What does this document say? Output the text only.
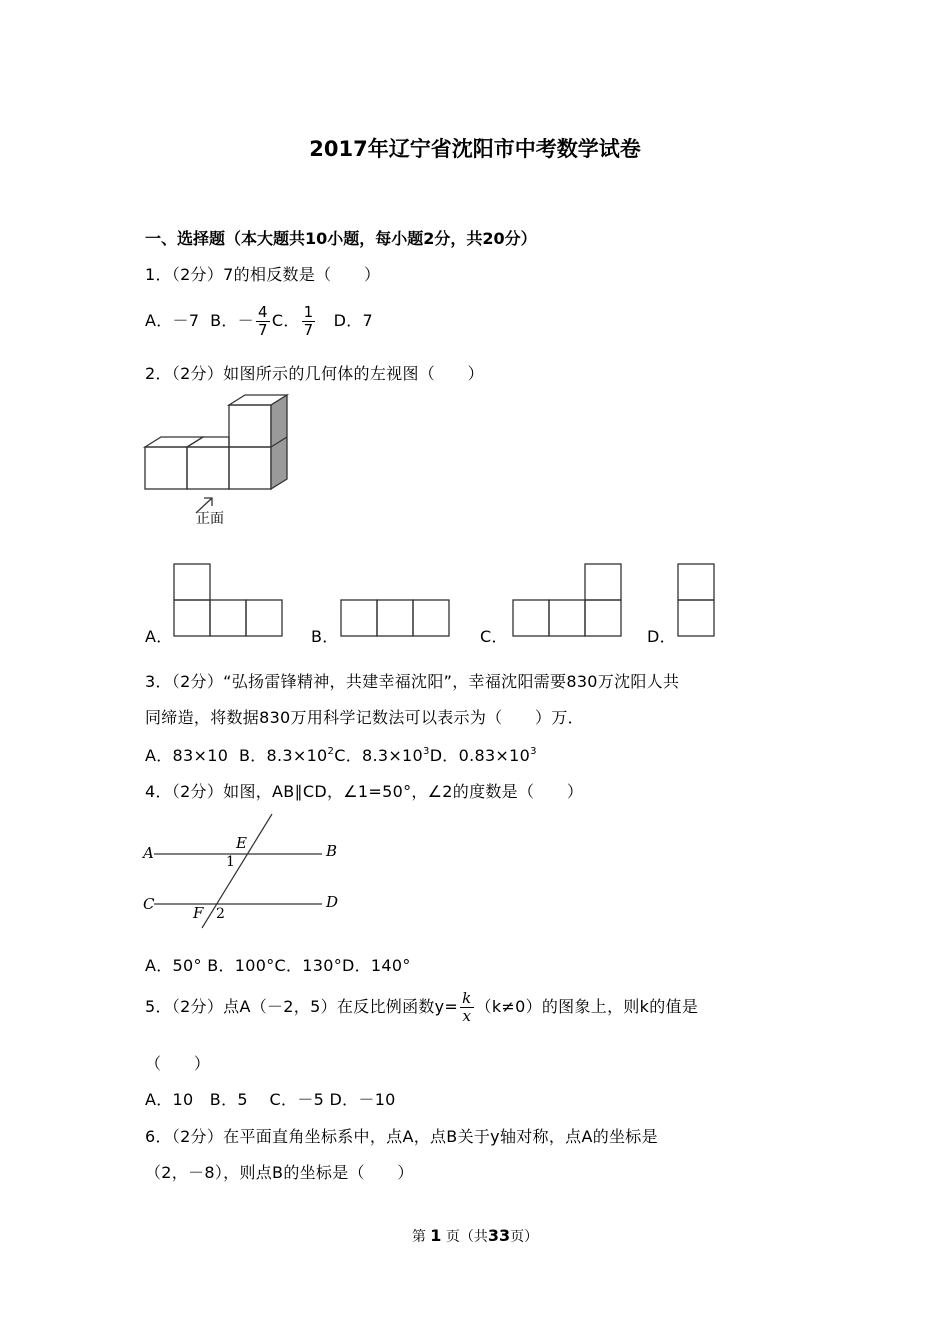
2017年辽宁省沈阳市中考数学试卷
一、选择题（本大题共10小题，每小题2分，共20分）
1．（2分）7的相反数是（　　）
A．－7 B．－ $\frac{4}{7}$ C． $\frac{1}{7}$ D．7
2．（2分）如图所示的几何体的左视图（　　）
正面
A．	B．	C．	D．
3．（2分）“弘扬雷锋精神，共建幸福沈阳”，幸福沈阳需要830万沈阳人共
同缔造，将数据830万用科学记数法可以表示为（　　）万．
A．83×10 B．$8.3\times 10^2C$．$8.3\times 10^3D$．$0.83\times 10^3$
4．（2分）如图，AB∥CD，∠1=50°，∠2的度数是（　　）
A	B
C	D
E
F
1
2
A．50° B．100°C．130°D．140°
5．（2分）点A（－2，5）在反比例函数$y= \frac{k}{x} (k\ne 0)$的图象上，则k的值是
（　　）
A．10　B．5　 C．－5 D．－10
6．（2分）在平面直角坐标系中，点A，点B关于y轴对称，点A的坐标是
（2，－8），则点B的坐标是（　　）
第 1 页（共33页）
